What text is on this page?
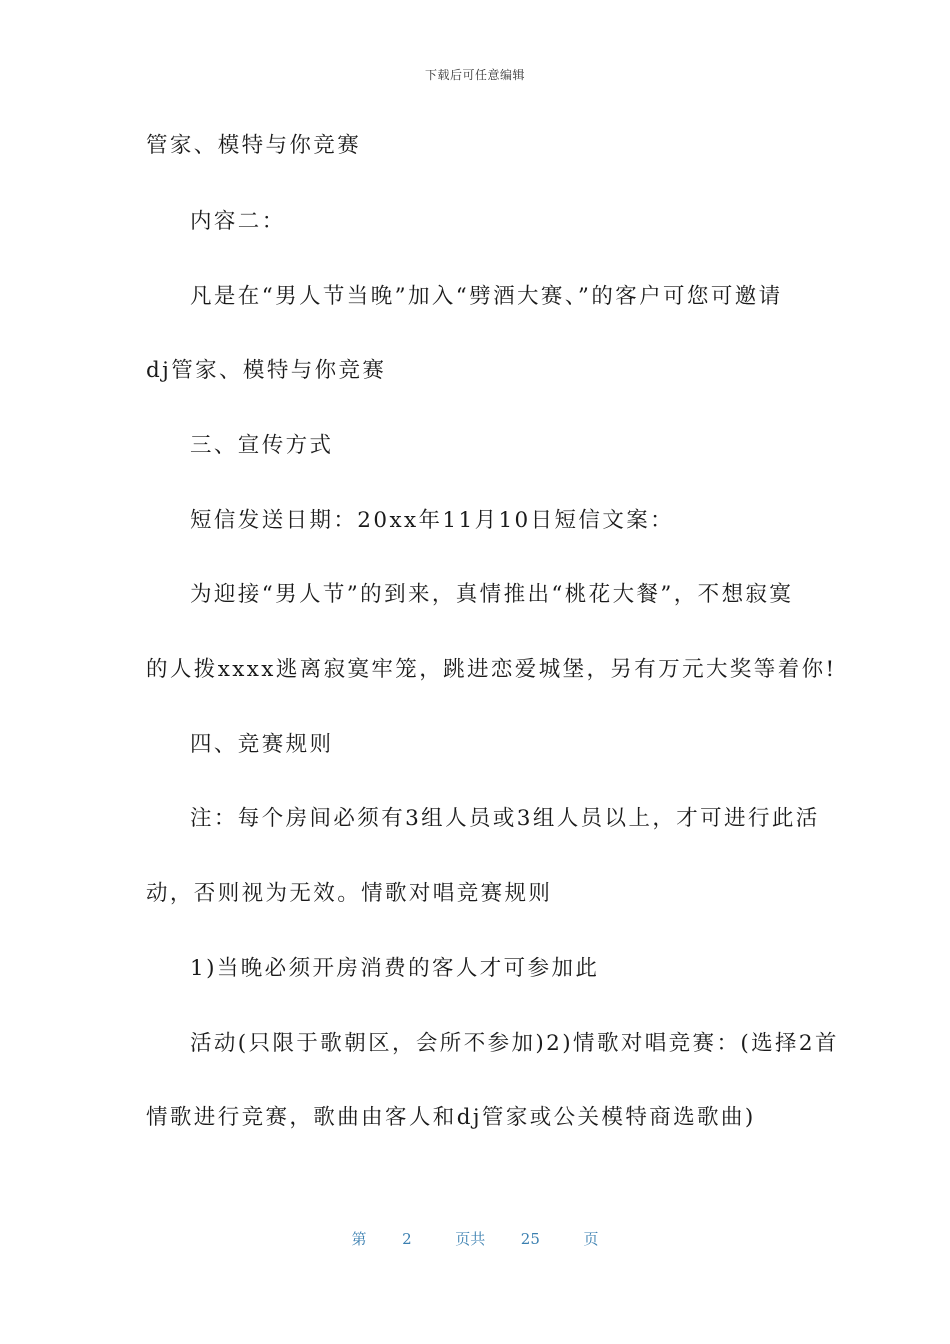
下载后可任意编辑
管家、模特与你竞赛
内容二：
凡是在“男人节当晚”加入“劈酒大赛、”的客户可您可邀请
dj管家、模特与你竞赛
三、宣传方式
短信发送日期：20xx年11月10日短信文案：
为迎接“男人节”的到来，真情推出“桃花大餐”，不想寂寞
的人拨xxxx逃离寂寞牢笼，跳进恋爱城堡，另有万元大奖等着你!
四、竞赛规则
注：每个房间必须有3组人员或3组人员以上，才可进行此活
动，否则视为无效。情歌对唱竞赛规则
1)当晚必须开房消费的客人才可参加此
活动(只限于歌朝区，会所不参加)2)情歌对唱竞赛：(选择2首
情歌进行竞赛，歌曲由客人和dj管家或公关模特商选歌曲)
第 2	页共 25	页
